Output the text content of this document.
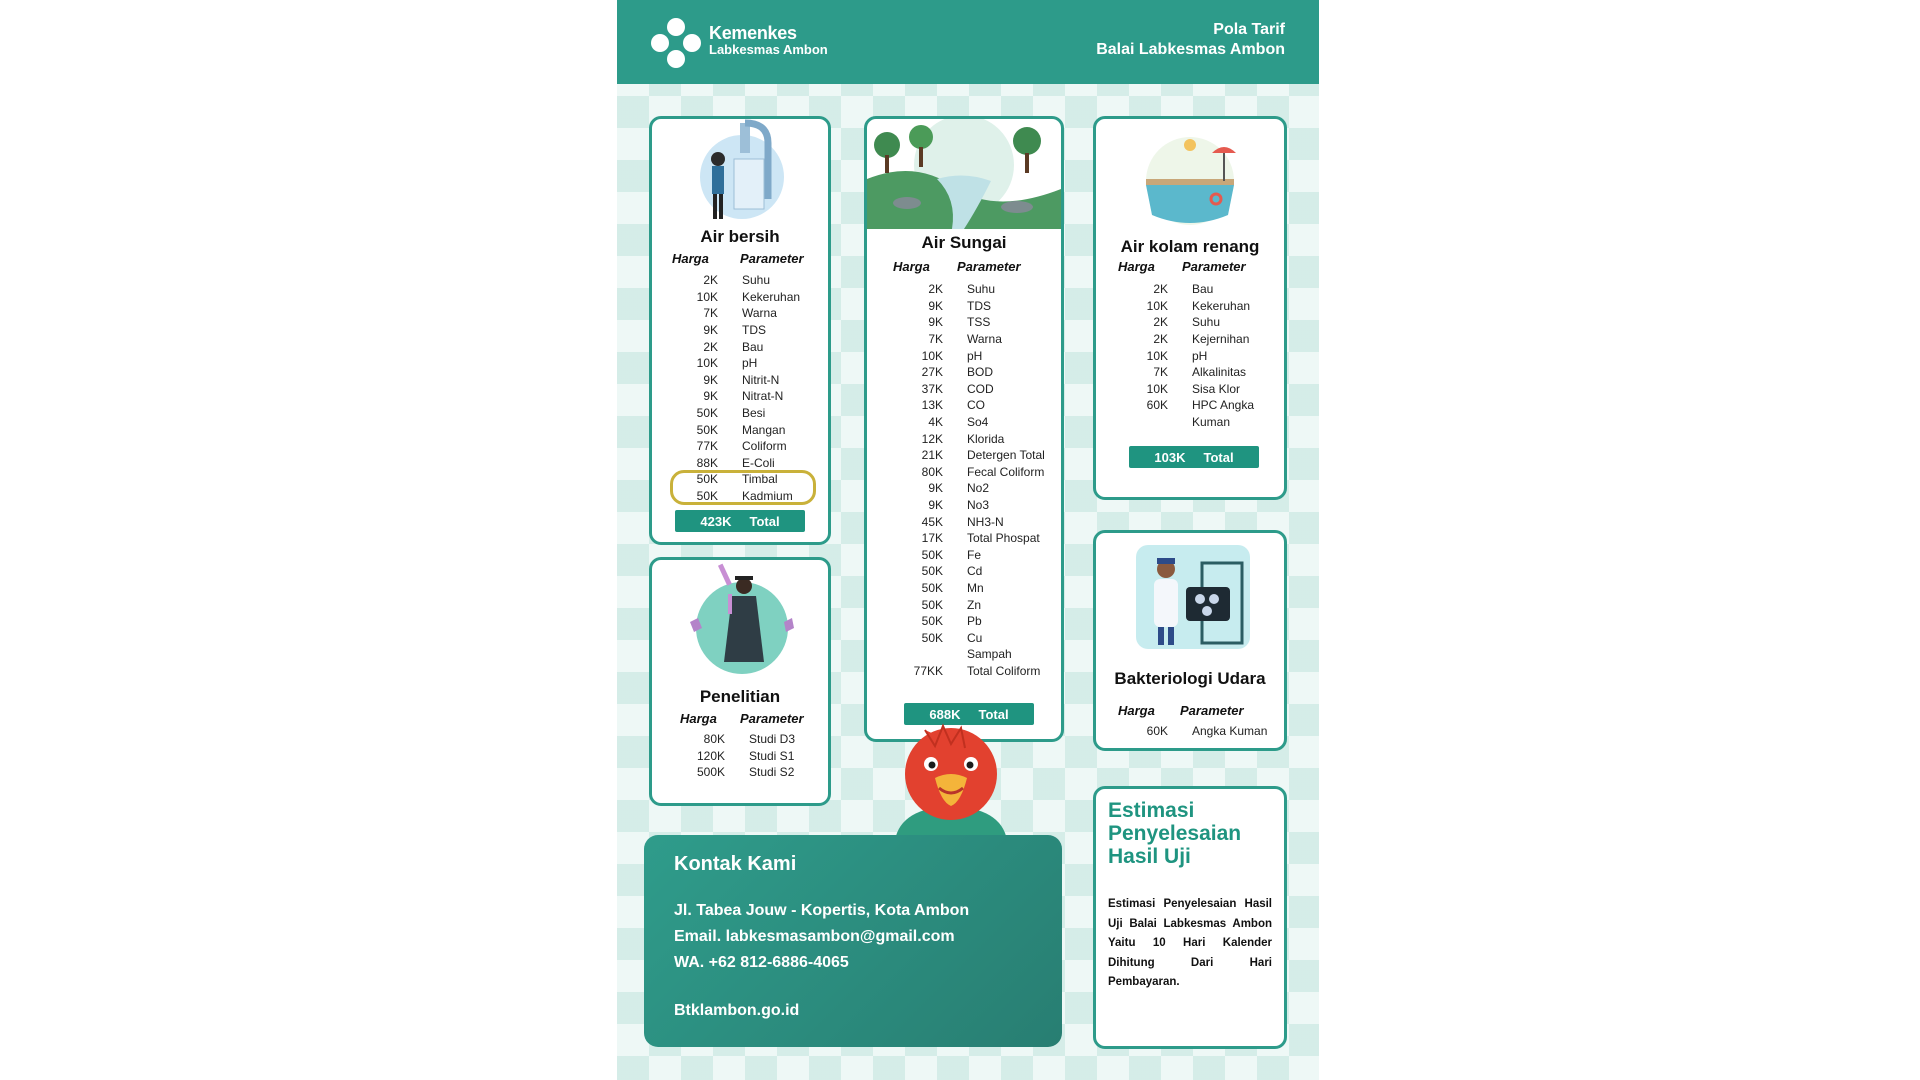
Kemenkes
Labkesmas Ambon
Pola Tarif
Balai Labkesmas Ambon
Air bersih
Harga Parameter
2K	Suhu
10K	Kekeruhan
7K	Warna
9K	TDS
2K	Bau
10K	pH
9K	Nitrit-N
9K	Nitrat-N
50K	Besi
50K	Mangan
77K	Coliform
88K	E-Coli
50K	Timbal
50K	Kadmium
423K Total
Air Sungai
Harga Parameter
2K	Suhu
9K	TDS
9K	TSS
7K	Warna
10K	pH
27K	BOD
37K	COD
13K	CO
4K	So4
12K	Klorida
21K	Detergen Total
80K	Fecal Coliform
9K	No2
9K	No3
45K	NH3-N
17K	Total Phospat
50K	Fe
50K	Cd
50K	Mn
50K	Zn
50K	Pb
50K	Cu
Sampah
77KK	Total Coliform
688K Total
Air kolam renang
Harga Parameter
2K	Bau
10K	Kekeruhan
2K	Suhu
2K	Kejernihan
10K	pH
7K	Alkalinitas
10K	Sisa Klor
60K	HPC Angka
Kuman
103K Total
Penelitian
Harga Parameter
80K	Studi D3
120K	Studi S1
500K	Studi S2
Bakteriologi Udara
Harga Parameter
60K	Angka Kuman
Estimasi
Penyelesaian
Hasil Uji
Estimasi Penyelesaian Hasil Uji Balai Labkesmas Ambon Yaitu 10 Hari Kalender Dihitung Dari Hari Pembayaran.
Kontak Kami
Jl. Tabea Jouw - Kopertis, Kota Ambon
Email. labkesmasambon@gmail.com
WA. +62 812-6886-4065
Btklambon.go.id
